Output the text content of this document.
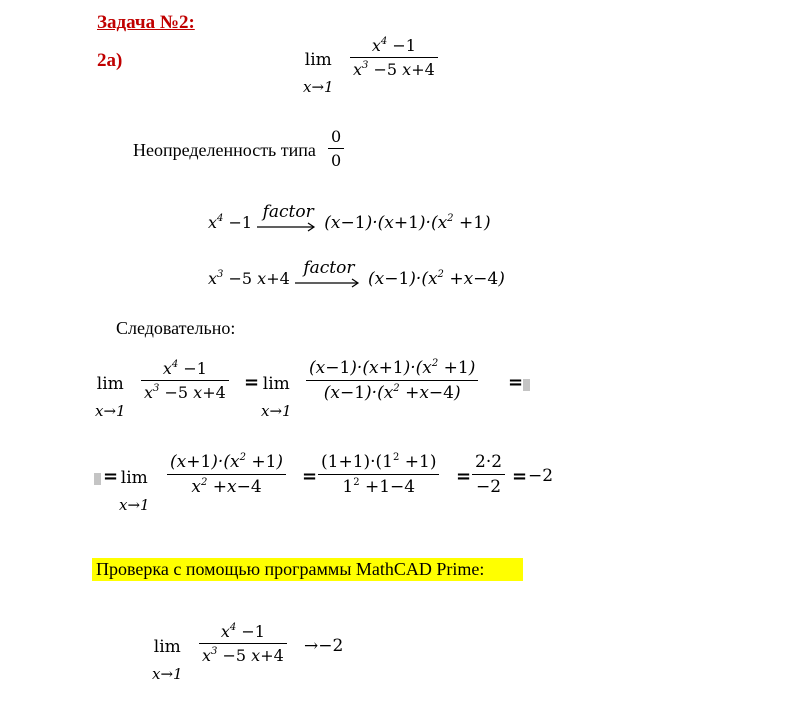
Задача №2:
2а)	lim
x→1
$\frac{x^4 -1}{x^3 -5 x+4}$
Неопределенность типа $\frac{0}{0}$
$x^4 -1$
factor
$(x-1)\cdot(x+1)\cdot(x^2 +1)$
$x^3 -5$ x+4
factor
$(x-1)\cdot(x^2 +x-4)$
Следовательно:
lim
x→1
$\frac{x^4 -1}{x^3 -5 x+4} = \lim$
x→1
$\frac{(x-1)\cdot(x+1)\cdot(x^2 +1)}{(x-1)\cdot(x^2 +x-4)}$ =
= lim
x→1
$\frac{(x+1)\cdot(x^2 +1)}{x^2 +x-4} = \frac{(1+1)\cdot(1^2 +1)}{1^2 +1-4} = \frac{2\cdot 2}{-2} = -2$
Проверка с помощью программы MathCAD Prime:
lim
x→1
$\frac{x^4 -1}{x^3 -5 x+4} \to-2$
